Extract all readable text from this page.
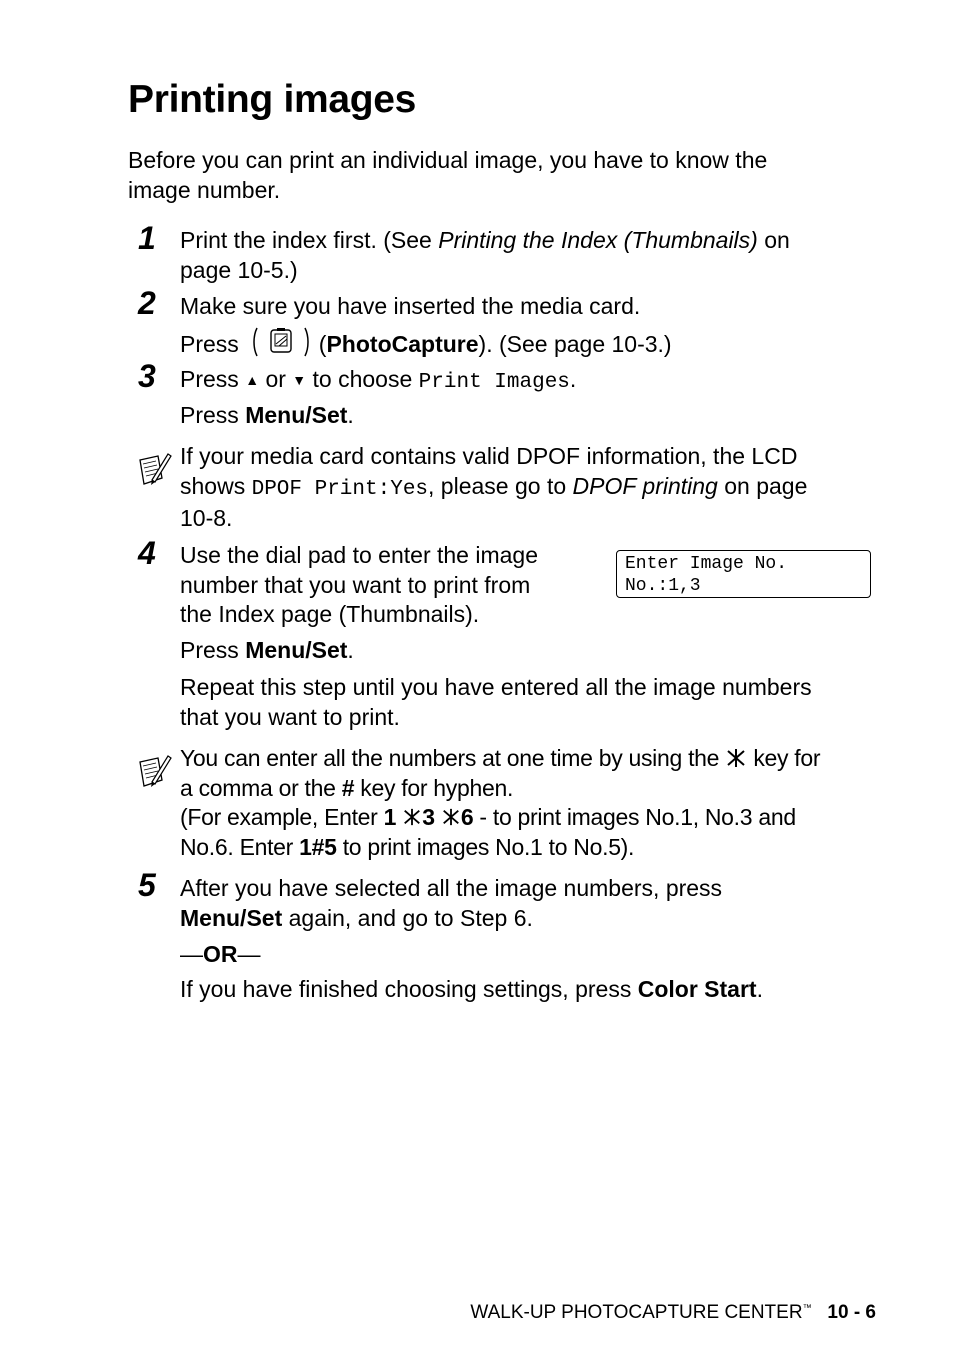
Printing images
Before you can print an individual image, you have to know the
image number.
1 Print the index first. (See Printing the Index (Thumbnails) on
page 10-5.)
2 Make sure you have inserted the media card.
Press	(PhotoCapture). (See page 10-3.)
3 Press ▲ or ▼ to choose Print Images.
Press Menu/Set.
If your media card contains valid DPOF information, the LCD
shows DPOF Print:Yes, please go to DPOF printing on page
10-8.
4 Use the dial pad to enter the image
number that you want to print from
the Index page (Thumbnails).
Enter Image No.
No.:1,3
Press Menu/Set.
Repeat this step until you have entered all the image numbers
that you want to print.
You can enter all the numbers at one time by using the key for
a comma or the # key for hyphen.
(For example, Enter 1 3 6 - to print images No.1, No.3 and
No.6. Enter 1#5 to print images No.1 to No.5).
5 After you have selected all the image numbers, press
Menu/Set again, and go to Step 6.
—OR—
If you have finished choosing settings, press Color Start.
WALK-UP PHOTOCAPTURE CENTER™ 10 - 6
